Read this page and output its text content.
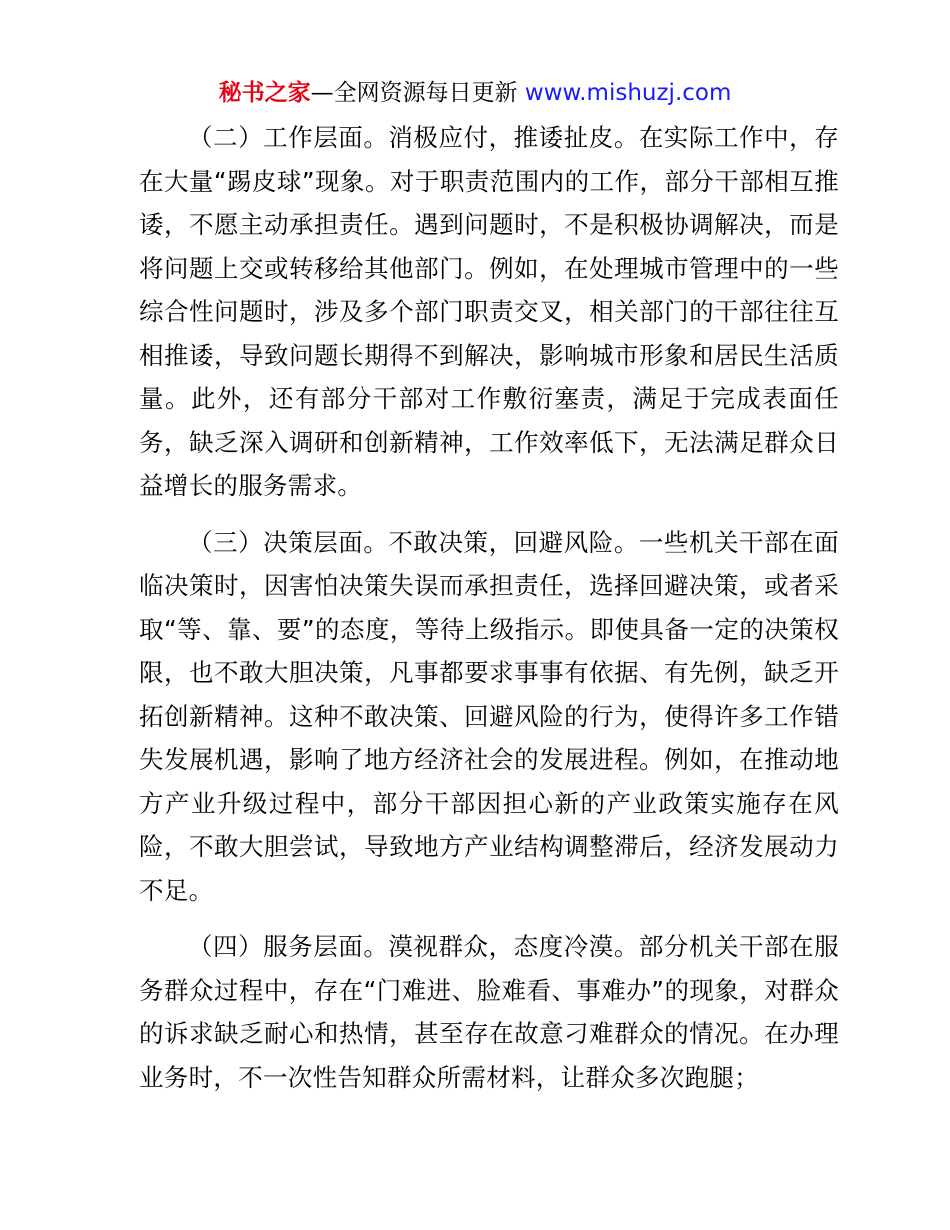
秘书之家—全网资源每日更新 www.mishuzj.com

（二）工作层面。消极应付，推诿扯皮。在实际工作中，存在大量“踢皮球”现象。对于职责范围内的工作，部分干部相互推诿，不愿主动承担责任。遇到问题时，不是积极协调解决，而是将问题上交或转移给其他部门。例如，在处理城市管理中的一些综合性问题时，涉及多个部门职责交叉，相关部门的干部往往互相推诿，导致问题长期得不到解决，影响城市形象和居民生活质量。此外，还有部分干部对工作敷衍塞责，满足于完成表面任务，缺乏深入调研和创新精神，工作效率低下，无法满足群众日益增长的服务需求。

（三）决策层面。不敢决策，回避风险。一些机关干部在面临决策时，因害怕决策失误而承担责任，选择回避决策，或者采取“等、靠、要”的态度，等待上级指示。即使具备一定的决策权限，也不敢大胆决策，凡事都要求事事有依据、有先例，缺乏开拓创新精神。这种不敢决策、回避风险的行为，使得许多工作错失发展机遇，影响了地方经济社会的发展进程。例如，在推动地方产业升级过程中，部分干部因担心新的产业政策实施存在风险，不敢大胆尝试，导致地方产业结构调整滞后，经济发展动力不足。

（四）服务层面。漠视群众，态度冷漠。部分机关干部在服务群众过程中，存在“门难进、脸难看、事难办”的现象，对群众的诉求缺乏耐心和热情，甚至存在故意刁难群众的情况。在办理业务时，不一次性告知群众所需材料，让群众多次跑腿；
